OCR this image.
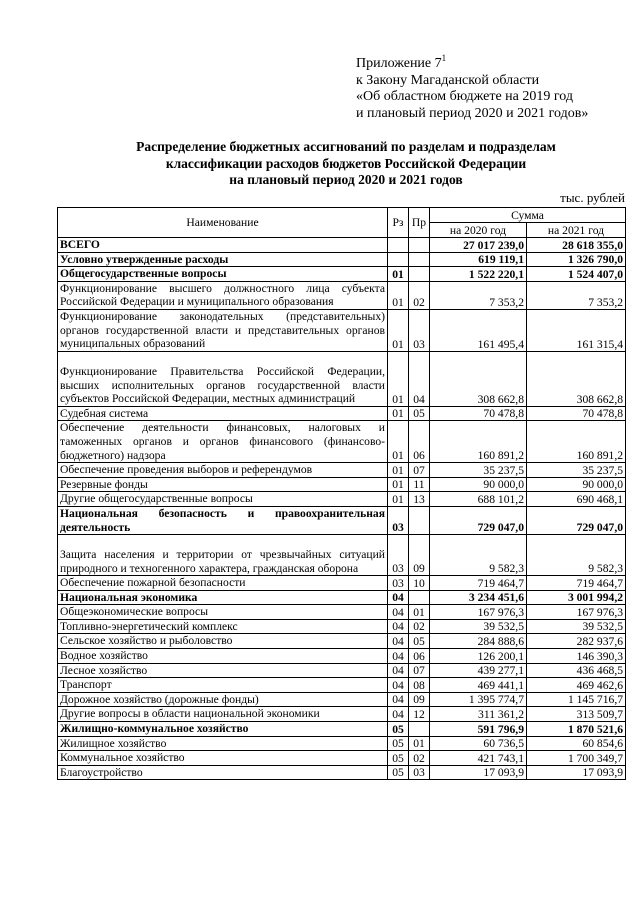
Приложение $7^1$
к Закону Магаданской области
«Об областном бюджете на 2019 год
и плановый период 2020 и 2021 годов»
Распределение бюджетных ассигнований по разделам и подразделам
классификации расходов бюджетов Российской Федерации
на плановый период 2020 и 2021 годов
тыс. рублей
Наименование	Рз	Пр	Сумма	
			на 2020 год	на 2021 год
ВСЕГО			27 017 239,0	28 618 355,0
Условно утвержденные расходы			619 119,1	1 326 790,0
Общегосударственные вопросы	01		1 522 220,1	1 524 407,0
Функционирование высшего должностного лица субъекта Российской Федерации и муниципального образования	01	02	7 353,2	7 353,2
Функционирование законодательных (представительных) органов государственной власти и представительных органов муниципальных образований	01	03	161 495,4	161 315,4
Функционирование Правительства Российской Федерации, высших исполнительных органов государственной власти субъектов Российской Федерации, местных администраций	01	04	308 662,8	308 662,8
Судебная система	01	05	70 478,8	70 478,8
Обеспечение деятельности финансовых, налоговых и таможенных органов и органов финансового (финансово-бюджетного) надзора	01	06	160 891,2	160 891,2
Обеспечение проведения выборов и референдумов	01	07	35 237,5	35 237,5
Резервные фонды	01	11	90 000,0	90 000,0
Другие общегосударственные вопросы	01	13	688 101,2	690 468,1
Национальная безопасность и правоохранительная деятельность	03		729 047,0	729 047,0
Защита населения и территории от чрезвычайных ситуаций природного и техногенного характера, гражданская оборона	03	09	9 582,3	9 582,3
Обеспечение пожарной безопасности	03	10	719 464,7	719 464,7
Национальная экономика	04		3 234 451,6	3 001 994,2
Общеэкономические вопросы	04	01	167 976,3	167 976,3
Топливно-энергетический комплекс	04	02	39 532,5	39 532,5
Сельское хозяйство и рыболовство	04	05	284 888,6	282 937,6
Водное хозяйство	04	06	126 200,1	146 390,3
Лесное хозяйство	04	07	439 277,1	436 468,5
Транспорт	04	08	469 441,1	469 462,6
Дорожное хозяйство (дорожные фонды)	04	09	1 395 774,7	1 145 716,7
Другие вопросы в области национальной экономики	04	12	311 361,2	313 509,7
Жилищно-коммунальное хозяйство	05		591 796,9	1 870 521,6
Жилищное хозяйство	05	01	60 736,5	60 854,6
Коммунальное хозяйство	05	02	421 743,1	1 700 349,7
Благоустройство	05	03	17 093,9	17 093,9
